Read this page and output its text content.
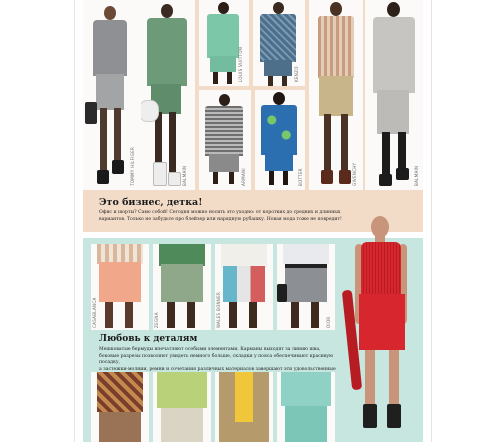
TOMMY HILFIGER	BALMAIN
LOUIS VUITTON	KENZO
GIVENCHY	BALMAIN
ARMANI	BOTTER
Это бизнес, детка!
Офис и шорты? Само собой! Сегодня можно носить это уходно: от коротких до средних и длинных
вариантов. Только не забудьте про блейзер или нарядную рубашку. Новая мода тоже не повредит!
CASABLANCA	ZEGNA	WALES BONNER	DIOR
Любовь к деталям
Мешковатые бермуды впечатляют особыми элементами. Карманы выходят за линию шва,
боковые разрезы позволяют увидеть немного больше, складки у пояса обеспечивают красивую посадку,
а застежки-молнии, ремни и сочетания различных материалов завершают эти удовольственные
